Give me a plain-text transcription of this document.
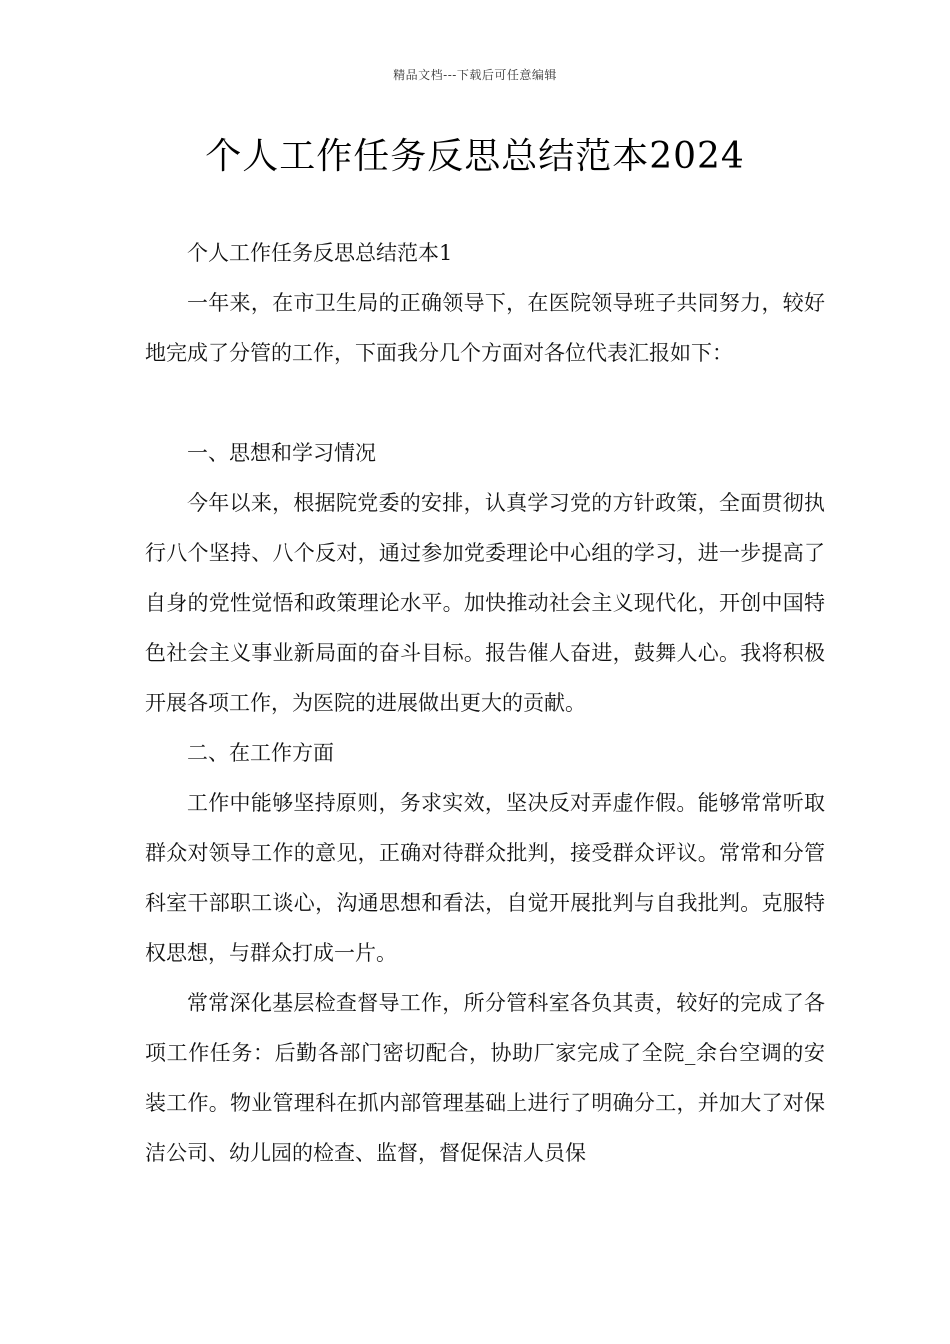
精品文档---下载后可任意编辑
个人工作任务反思总结范本2024

个人工作任务反思总结范本1

一年来，在市卫生局的正确领导下，在医院领导班子共同努力，较好地完成了分管的工作，下面我分几个方面对各位代表汇报如下：

一、思想和学习情况

今年以来，根据院党委的安排，认真学习党的方针政策，全面贯彻执行八个坚持、八个反对，通过参加党委理论中心组的学习，进一步提高了自身的党性觉悟和政策理论水平。加快推动社会主义现代化，开创中国特色社会主义事业新局面的奋斗目标。报告催人奋进，鼓舞人心。我将积极开展各项工作，为医院的进展做出更大的贡献。

二、在工作方面

工作中能够坚持原则，务求实效，坚决反对弄虚作假。能够常常听取群众对领导工作的意见，正确对待群众批判，接受群众评议。常常和分管科室干部职工谈心，沟通思想和看法，自觉开展批判与自我批判。克服特权思想，与群众打成一片。

常常深化基层检查督导工作，所分管科室各负其责，较好的完成了各项工作任务：后勤各部门密切配合，协助厂家完成了全院_余台空调的安装工作。物业管理科在抓内部管理基础上进行了明确分工，并加大了对保洁公司、幼儿园的检查、监督，督促保洁人员保
